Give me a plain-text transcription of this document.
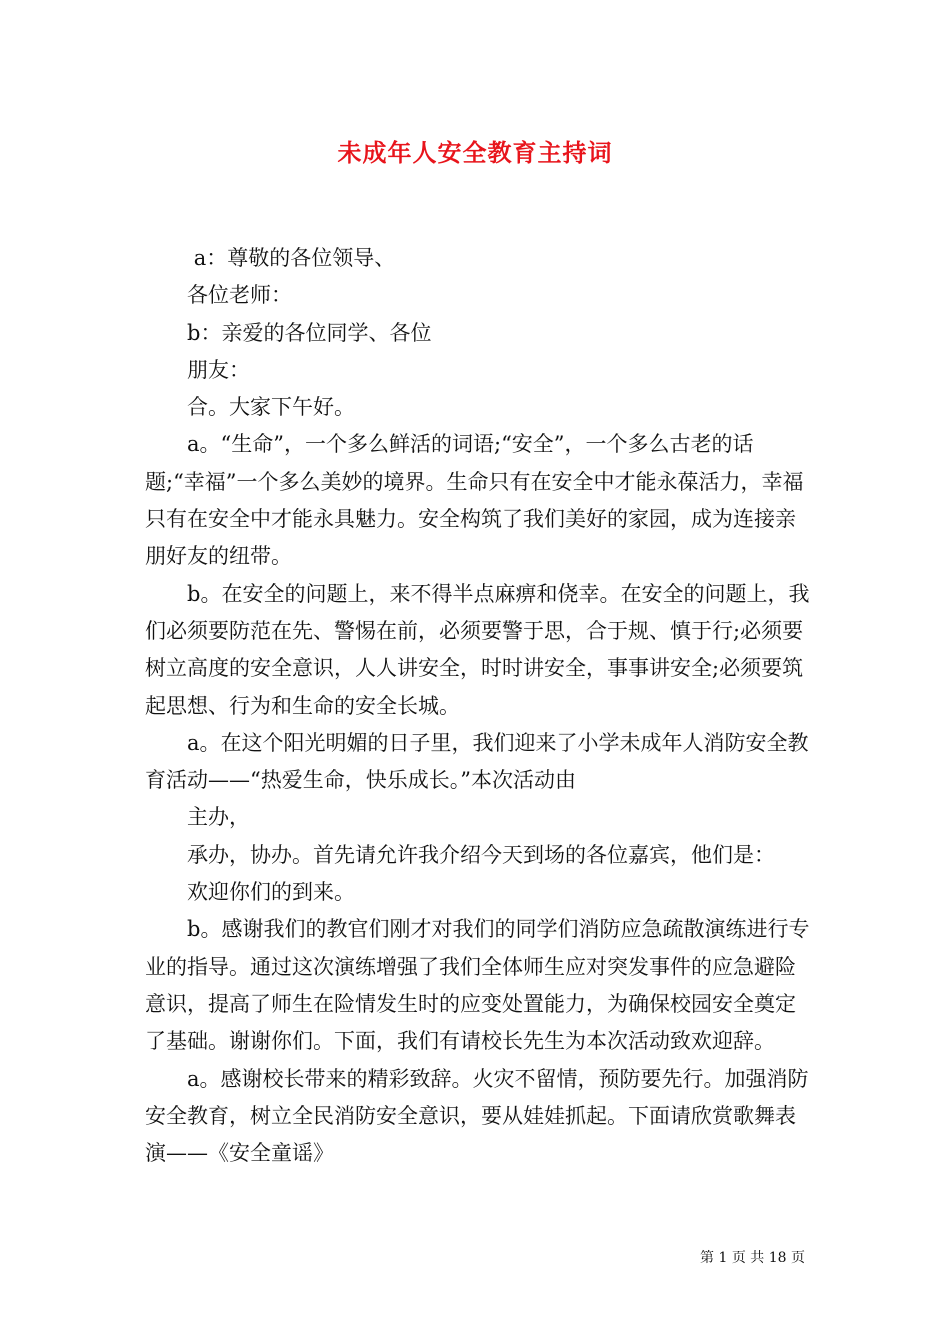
未成年人安全教育主持词

a：尊敬的各位领导、

各位老师：

b：亲爱的各位同学、各位

朋友：

合。大家下午好。

a。“生命”，一个多么鲜活的词语;“安全”，一个多么古老的话题;“幸福”一个多么美妙的境界。生命只有在安全中才能永葆活力，幸福只有在安全中才能永具魅力。安全构筑了我们美好的家园，成为连接亲朋好友的纽带。

b。在安全的问题上，来不得半点麻痹和侥幸。在安全的问题上，我们必须要防范在先、警惕在前，必须要警于思，合于规、慎于行;必须要树立高度的安全意识，人人讲安全，时时讲安全，事事讲安全;必须要筑起思想、行为和生命的安全长城。

a。在这个阳光明媚的日子里，我们迎来了小学未成年人消防安全教育活动——“热爱生命，快乐成长。”本次活动由

主办，

承办，协办。首先请允许我介绍今天到场的各位嘉宾，他们是：

欢迎你们的到来。

b。感谢我们的教官们刚才对我们的同学们消防应急疏散演练进行专业的指导。通过这次演练增强了我们全体师生应对突发事件的应急避险意识，提高了师生在险情发生时的应变处置能力，为确保校园安全奠定了基础。谢谢你们。下面，我们有请校长先生为本次活动致欢迎辞。

a。感谢校长带来的精彩致辞。火灾不留情，预防要先行。加强消防安全教育，树立全民消防安全意识，要从娃娃抓起。下面请欣赏歌舞表演——《安全童谣》

第 1 页 共 18 页
